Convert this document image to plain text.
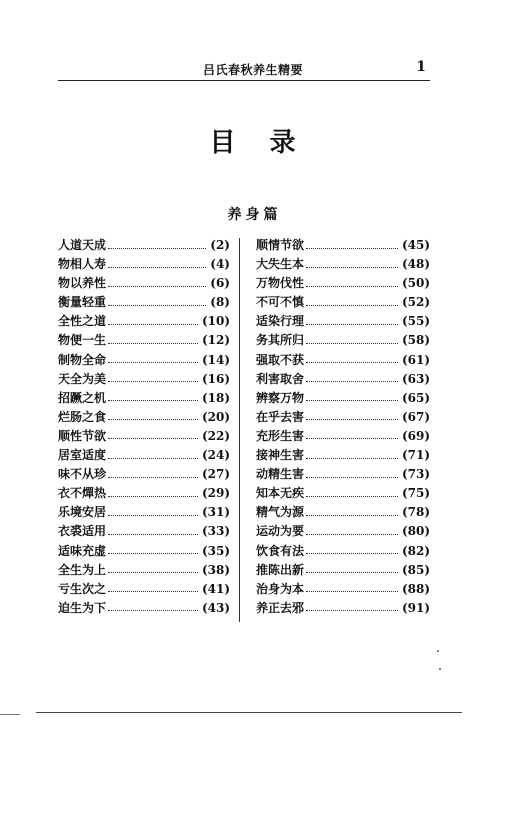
吕氏春秋养生精要	1
目录
养身篇
人道天成	(2)
物相人寿	(4)
物以养性	(6)
衡量轻重	(8)
全性之道	(10)
物便一生	(12)
制物全命	(14)
天全为美	(16)
招蹶之机	(18)
烂肠之食	(20)
顺性节欲	(22)
居室适度	(24)
味不从珍	(27)
衣不燀热	(29)
乐境安居	(31)
衣裘适用	(33)
适味充虚	(35)
全生为上	(38)
亏生次之	(41)
迫生为下	(43)
顺情节欲	(45)
大失生本	(48)
万物伐性	(50)
不可不慎	(52)
适染行理	(55)
务其所归	(58)
强取不获	(61)
利害取舍	(63)
辨察万物	(65)
在乎去害	(67)
充形生害	(69)
接神生害	(71)
动精生害	(73)
知本无疾	(75)
精气为源	(78)
运动为要	(80)
饮食有法	(82)
推陈出新	(85)
治身为本	(88)
养正去邪	(91)
